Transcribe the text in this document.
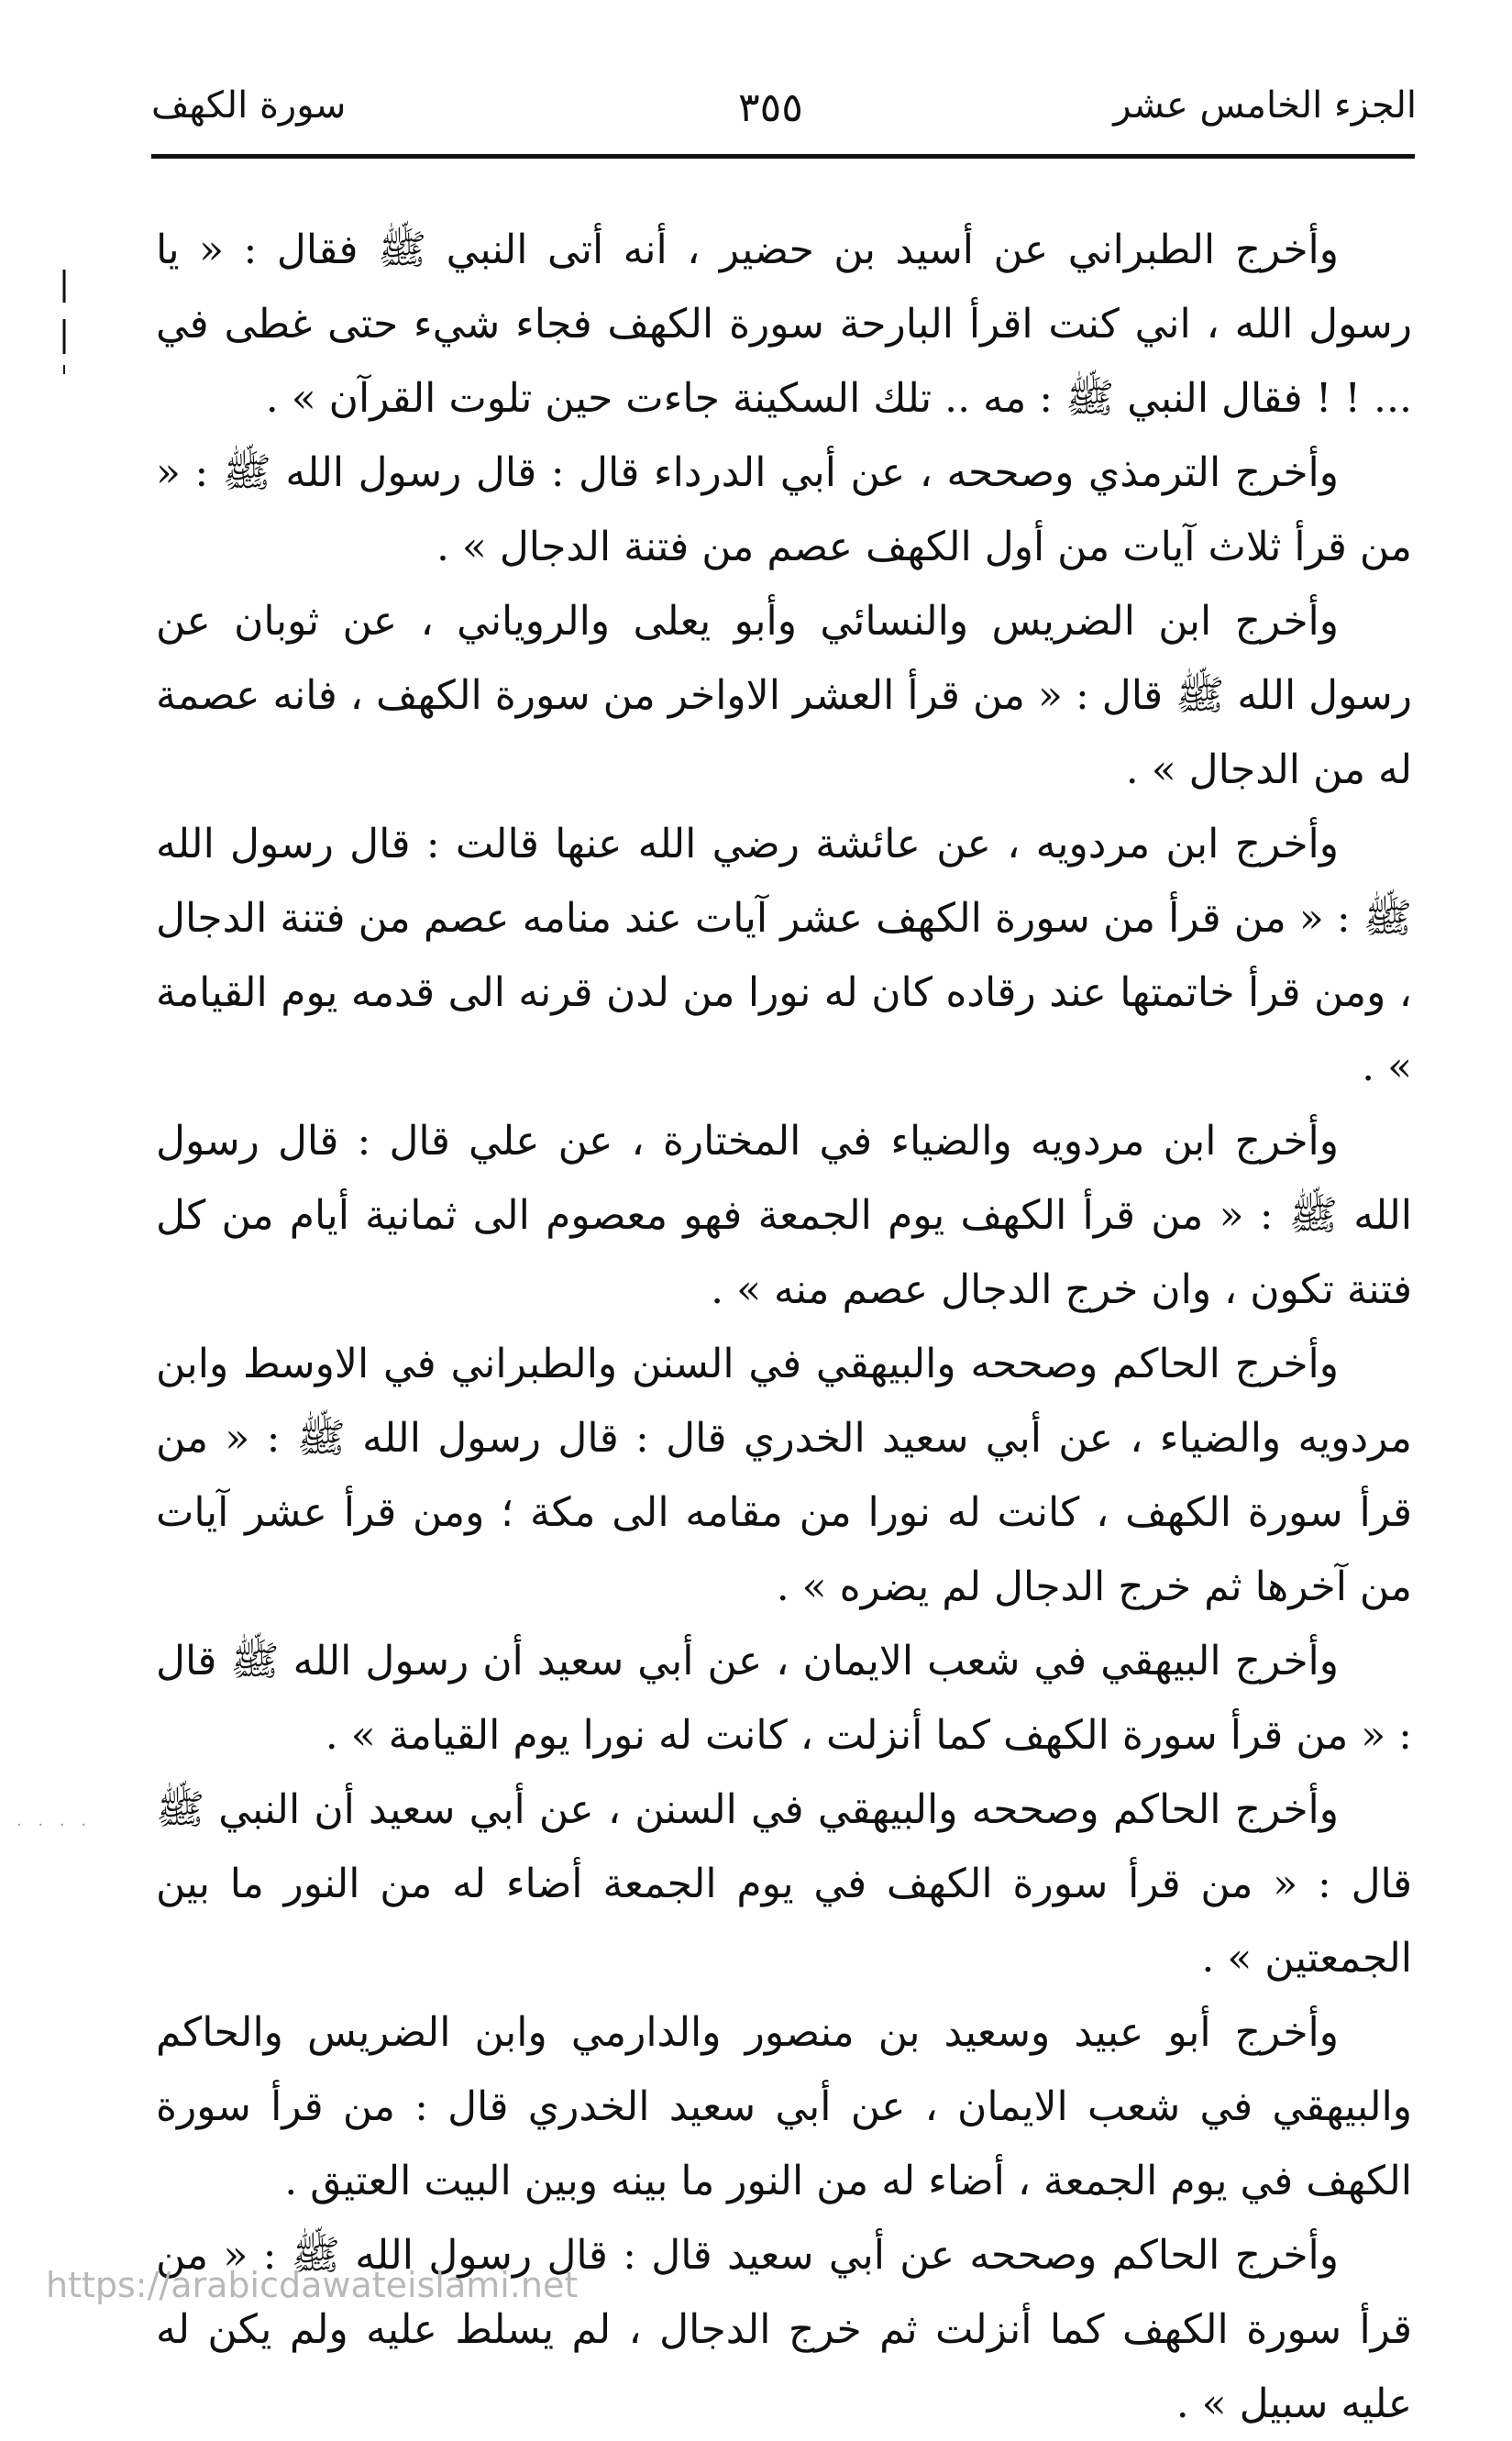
الجزء الخامس عشر
٣٥٥
سورة الكهف
· · · ·

وأخرج الطبراني عن أسيد بن حضير ، أنه أتى النبي ﷺ فقال : « يا رسول الله ، اني كنت اقرأ البارحة سورة الكهف فجاء شيء حتى غطى في ... ! ! فقال النبي ﷺ : مه .. تلك السكينة جاءت حين تلوت القرآن » .

وأخرج الترمذي وصححه ، عن أبي الدرداء قال : قال رسول الله ﷺ : « من قرأ ثلاث آيات من أول الكهف عصم من فتنة الدجال » .

وأخرج ابن الضريس والنسائي وأبو يعلى والروياني ، عن ثوبان عن رسول الله ﷺ قال : « من قرأ العشر الاواخر من سورة الكهف ، فانه عصمة له من الدجال » .

وأخرج ابن مردويه ، عن عائشة رضي الله عنها قالت : قال رسول الله ﷺ : « من قرأ من سورة الكهف عشر آيات عند منامه عصم من فتنة الدجال ، ومن قرأ خاتمتها عند رقاده كان له نورا من لدن قرنه الى قدمه يوم القيامة » .

وأخرج ابن مردويه والضياء في المختارة ، عن علي قال : قال رسول الله ﷺ : « من قرأ الكهف يوم الجمعة فهو معصوم الى ثمانية أيام من كل فتنة تكون ، وان خرج الدجال عصم منه » .

وأخرج الحاكم وصححه والبيهقي في السنن والطبراني في الاوسط وابن مردويه والضياء ، عن أبي سعيد الخدري قال : قال رسول الله ﷺ : « من قرأ سورة الكهف ، كانت له نورا من مقامه الى مكة ؛ ومن قرأ عشر آيات من آخرها ثم خرج الدجال لم يضره » .

وأخرج البيهقي في شعب الايمان ، عن أبي سعيد أن رسول الله ﷺ قال : « من قرأ سورة الكهف كما أنزلت ، كانت له نورا يوم القيامة » .

وأخرج الحاكم وصححه والبيهقي في السنن ، عن أبي سعيد أن النبي ﷺ قال : « من قرأ سورة الكهف في يوم الجمعة أضاء له من النور ما بين الجمعتين » .

وأخرج أبو عبيد وسعيد بن منصور والدارمي وابن الضريس والحاكم والبيهقي في شعب الايمان ، عن أبي سعيد الخدري قال : من قرأ سورة الكهف في يوم الجمعة ، أضاء له من النور ما بينه وبين البيت العتيق .

وأخرج الحاكم وصححه عن أبي سعيد قال : قال رسول الله ﷺ : « من قرأ سورة الكهف كما أنزلت ثم خرج الدجال ، لم يسلط عليه ولم يكن له عليه سبيل » .

https://arabicdawateislami.net
